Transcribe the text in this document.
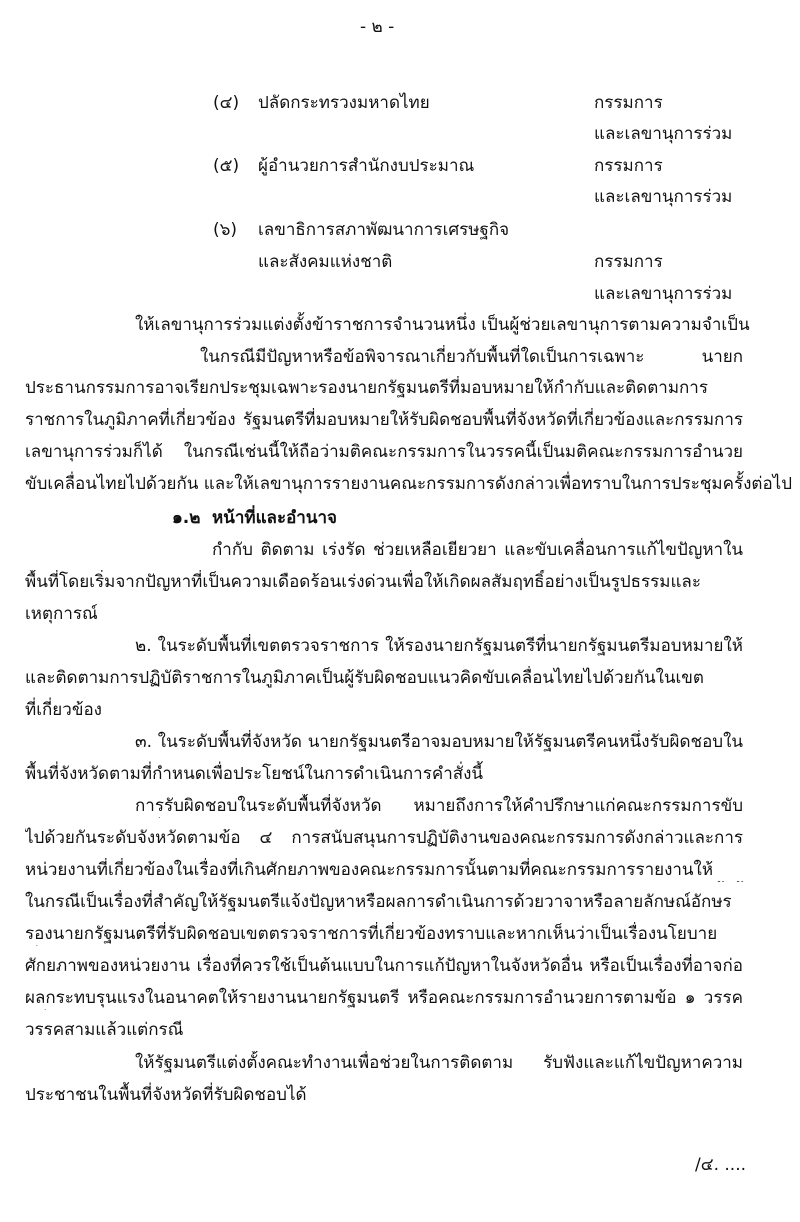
- ๒ -
(๔) ปลัดกระทรวงมหาดไทย	กรรมการ
และเลขานุการร่วม
(๕) ผู้อำนวยการสำนักงบประมาณ	กรรมการ
และเลขานุการร่วม
(๖) เลขาธิการสภาพัฒนาการเศรษฐกิจ
และสังคมแห่งชาติ	กรรมการ
และเลขานุการร่วม
ให้เลขานุการร่วมแต่งตั้งข้าราชการจำนวนหนึ่ง เป็นผู้ช่วยเลขานุการตามความจำเป็น
ในกรณีมีปัญหาหรือข้อพิจารณาเกี่ยวกับพื้นที่ใดเป็นการเฉพาะ นายก
ประธานกรรมการอาจเรียกประชุมเฉพาะรองนายกรัฐมนตรีที่มอบหมายให้กำกับและติดตามการ
ราชการในภูมิภาคที่เกี่ยวข้อง รัฐมนตรีที่มอบหมายให้รับผิดชอบพื้นที่จังหวัดที่เกี่ยวข้องและกรรมการ
เลขานุการร่วมก็ได้ ในกรณีเช่นนี้ให้ถือว่ามติคณะกรรมการในวรรคนี้เป็นมติคณะกรรมการอำนวย
ขับเคลื่อนไทยไปด้วยกัน และให้เลขานุการรายงานคณะกรรมการดังกล่าวเพื่อทราบในการประชุมครั้งต่อไป
๑.๒ หน้าที่และอำนาจ
กำกับ ติดตาม เร่งรัด ช่วยเหลือเยียวยา และขับเคลื่อนการแก้ไขปัญหาใน
พื้นที่โดยเริ่มจากปัญหาที่เป็นความเดือดร้อนเร่งด่วนเพื่อให้เกิดผลสัมฤทธิ์อย่างเป็นรูปธรรมและ
เหตุการณ์
๒. ในระดับพื้นที่เขตตรวจราชการ ให้รองนายกรัฐมนตรีที่นายกรัฐมนตรีมอบหมายให้
และติดตามการปฏิบัติราชการในภูมิภาคเป็นผู้รับผิดชอบแนวคิดขับเคลื่อนไทยไปด้วยกันในเขต
ที่เกี่ยวข้อง
๓. ในระดับพื้นที่จังหวัด นายกรัฐมนตรีอาจมอบหมายให้รัฐมนตรีคนหนึ่งรับผิดชอบใน
พื้นที่จังหวัดตามที่กำหนดเพื่อประโยชน์ในการดำเนินการคำสั่งนี้
การรับผิดชอบในระดับพื้นที่จังหวัด หมายถึงการให้คำปรึกษาแก่คณะกรรมการขับ
ไปด้วยกันระดับจังหวัดตามข้อ ๔ การสนับสนุนการปฏิบัติงานของคณะกรรมการดังกล่าวและการ
หน่วยงานที่เกี่ยวข้องในเรื่องที่เกินศักยภาพของคณะกรรมการนั้นตามที่คณะกรรมการรายงานให้
ในกรณีเป็นเรื่องที่สำคัญให้รัฐมนตรีแจ้งปัญหาหรือผลการดำเนินการด้วยวาจาหรือลายลักษณ์อักษร
รองนายกรัฐมนตรีที่รับผิดชอบเขตตรวจราชการที่เกี่ยวข้องทราบและหากเห็นว่าเป็นเรื่องนโยบาย
ศักยภาพของหน่วยงาน เรื่องที่ควรใช้เป็นต้นแบบในการแก้ปัญหาในจังหวัดอื่น หรือเป็นเรื่องที่อาจก่อ
ผลกระทบรุนแรงในอนาคตให้รายงานนายกรัฐมนตรี หรือคณะกรรมการอำนวยการตามข้อ ๑ วรรค
วรรคสามแล้วแต่กรณี
ให้รัฐมนตรีแต่งตั้งคณะทำงานเพื่อช่วยในการติดตาม รับฟังและแก้ไขปัญหาความ
ประชาชนในพื้นที่จังหวัดที่รับผิดชอบได้
/๔. ....
